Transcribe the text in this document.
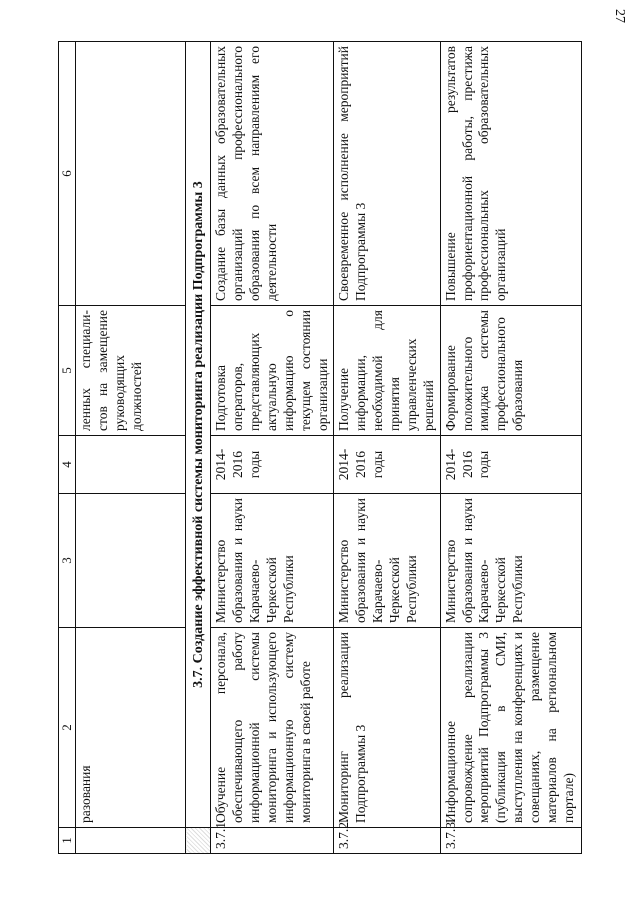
27
1	2	3	4	5	6
	разования			ленных специали-стов на замещение руководящих должностей	
	3.7. Создание эффективной системы мониторинга реализации Подпрограммы 3				
3.7.1.	Обучение персонала, обеспечивающего работу информационной системы мониторинга и использующего информационную систему мониторинга в своей работе	Министерство образования и науки Карачаево-Черкесской Республики	2014-2016 годы	Подготовка операторов, представляющих актуальную информацию о текущем состоянии организации	Создание базы данных образовательных организаций профессионального образования по всем направлениям его деятельности
3.7.2.	Мониторинг реализации Подпрограммы 3	Министерство образования и науки Карачаево-Черкесской Республики	2014-2016 годы	Получение информации, необходимой для принятия управленческих решений	Своевременное исполнение мероприятий Подпрограммы 3
3.7.3.	Информационное сопровождение реализации мероприятий Подпрограммы 3 (публикация в СМИ, выступления на конференциях и совещаниях, размещение материалов на региональном портале)	Министерство образования и науки Карачаево-Черкесской Республики	2014-2016 годы	Формирование положительного имиджа системы профессионального образования	Повышение результатов профориентационной работы, престижа профессиональных образовательных организаций
